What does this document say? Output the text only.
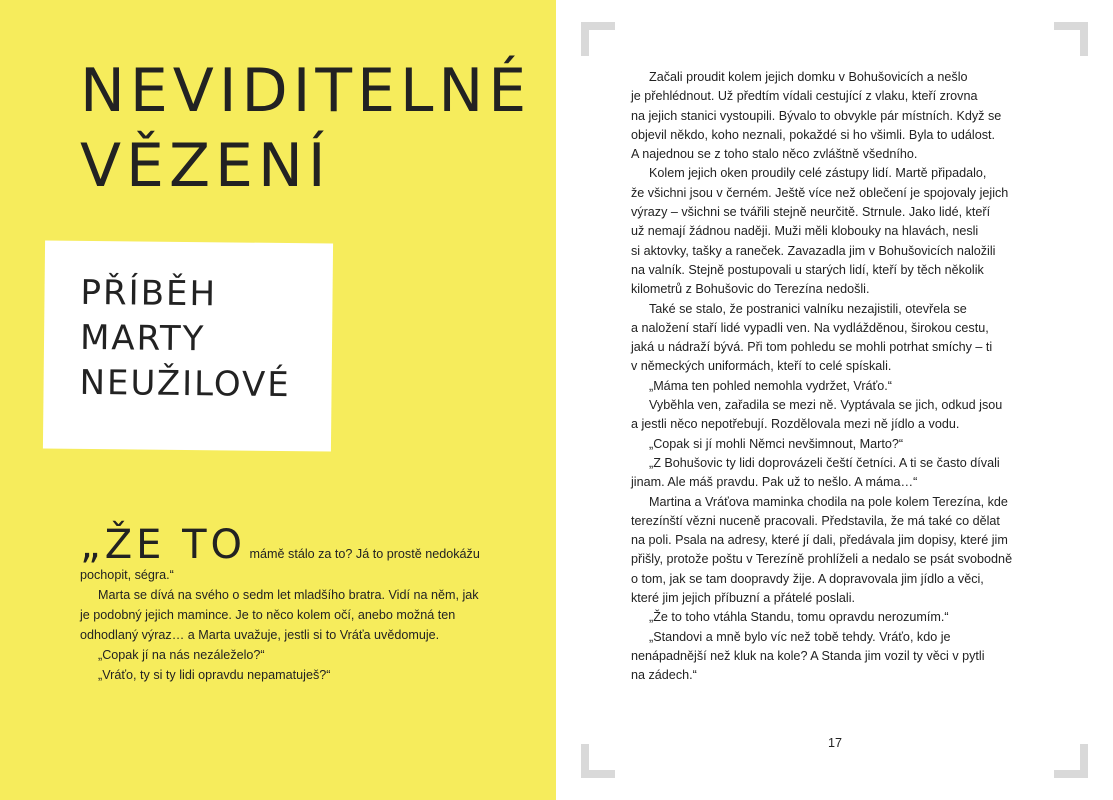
NEVIDITELNÉ
VĚZENÍ
PŘÍBĚH
MARTY
NEUŽILOVÉ

„ŽE TO mámě stálo za to? Já to prostě nedokážu

pochopit, ségra.“

Marta se dívá na svého o sedm let mladšího bratra. Vidí na něm, jak je podobný jejich mamince. Je to něco kolem očí, anebo možná ten odhodlaný výraz… a Marta uvažuje, jestli si to Vráťa uvědomuje.

„Copak jí na nás nezáleželo?“

„Vráťo, ty si ty lidi opravdu nepamatuješ?“

Začali proudit kolem jejich domku v Bohušovicích a nešlo
je přehlédnout. Už předtím vídali cestující z vlaku, kteří zrovna
na jejich stanici vystoupili. Bývalo to obvykle pár místních. Když se
objevil někdo, koho neznali, pokaždé si ho všimli. Byla to událost.
A najednou se z toho stalo něco zvláštně všedního.

Kolem jejich oken proudily celé zástupy lidí. Martě připadalo,
že všichni jsou v černém. Ještě více než oblečení je spojovaly jejich
výrazy – všichni se tvářili stejně neurčitě. Strnule. Jako lidé, kteří
už nemají žádnou naději. Muži měli klobouky na hlavách, nesli
si aktovky, tašky a raneček. Zavazadla jim v Bohušovicích naložili
na valník. Stejně postupovali u starých lidí, kteří by těch několik
kilometrů z Bohušovic do Terezína nedošli.

Také se stalo, že postranici valníku nezajistili, otevřela se
a naložení staří lidé vypadli ven. Na vydlážděnou, širokou cestu,
jaká u nádraží bývá. Při tom pohledu se mohli potrhat smíchy – ti
v německých uniformách, kteří to celé spískali.

„Máma ten pohled nemohla vydržet, Vráťo.“

Vyběhla ven, zařadila se mezi ně. Vyptávala se jich, odkud jsou
a jestli něco nepotřebují. Rozdělovala mezi ně jídlo a vodu.

„Copak si jí mohli Němci nevšimnout, Marto?“

„Z Bohušovic ty lidi doprovázeli čeští četníci. A ti se často dívali
jinam. Ale máš pravdu. Pak už to nešlo. A máma…“

Martina a Vráťova maminka chodila na pole kolem Terezína, kde
terezínští vězni nuceně pracovali. Představila, že má také co dělat
na poli. Psala na adresy, které jí dali, předávala jim dopisy, které jim
přišly, protože poštu v Terezíně prohlíželi a nedalo se psát svobodně
o tom, jak se tam doopravdy žije. A dopravovala jim jídlo a věci,
které jim jejich příbuzní a přátelé poslali.

„Že to toho vtáhla Standu, tomu opravdu nerozumím.“

„Standovi a mně bylo víc než tobě tehdy. Vráťo, kdo je
nenápadnější než kluk na kole? A Standa jim vozil ty věci v pytli
na zádech.“

17
